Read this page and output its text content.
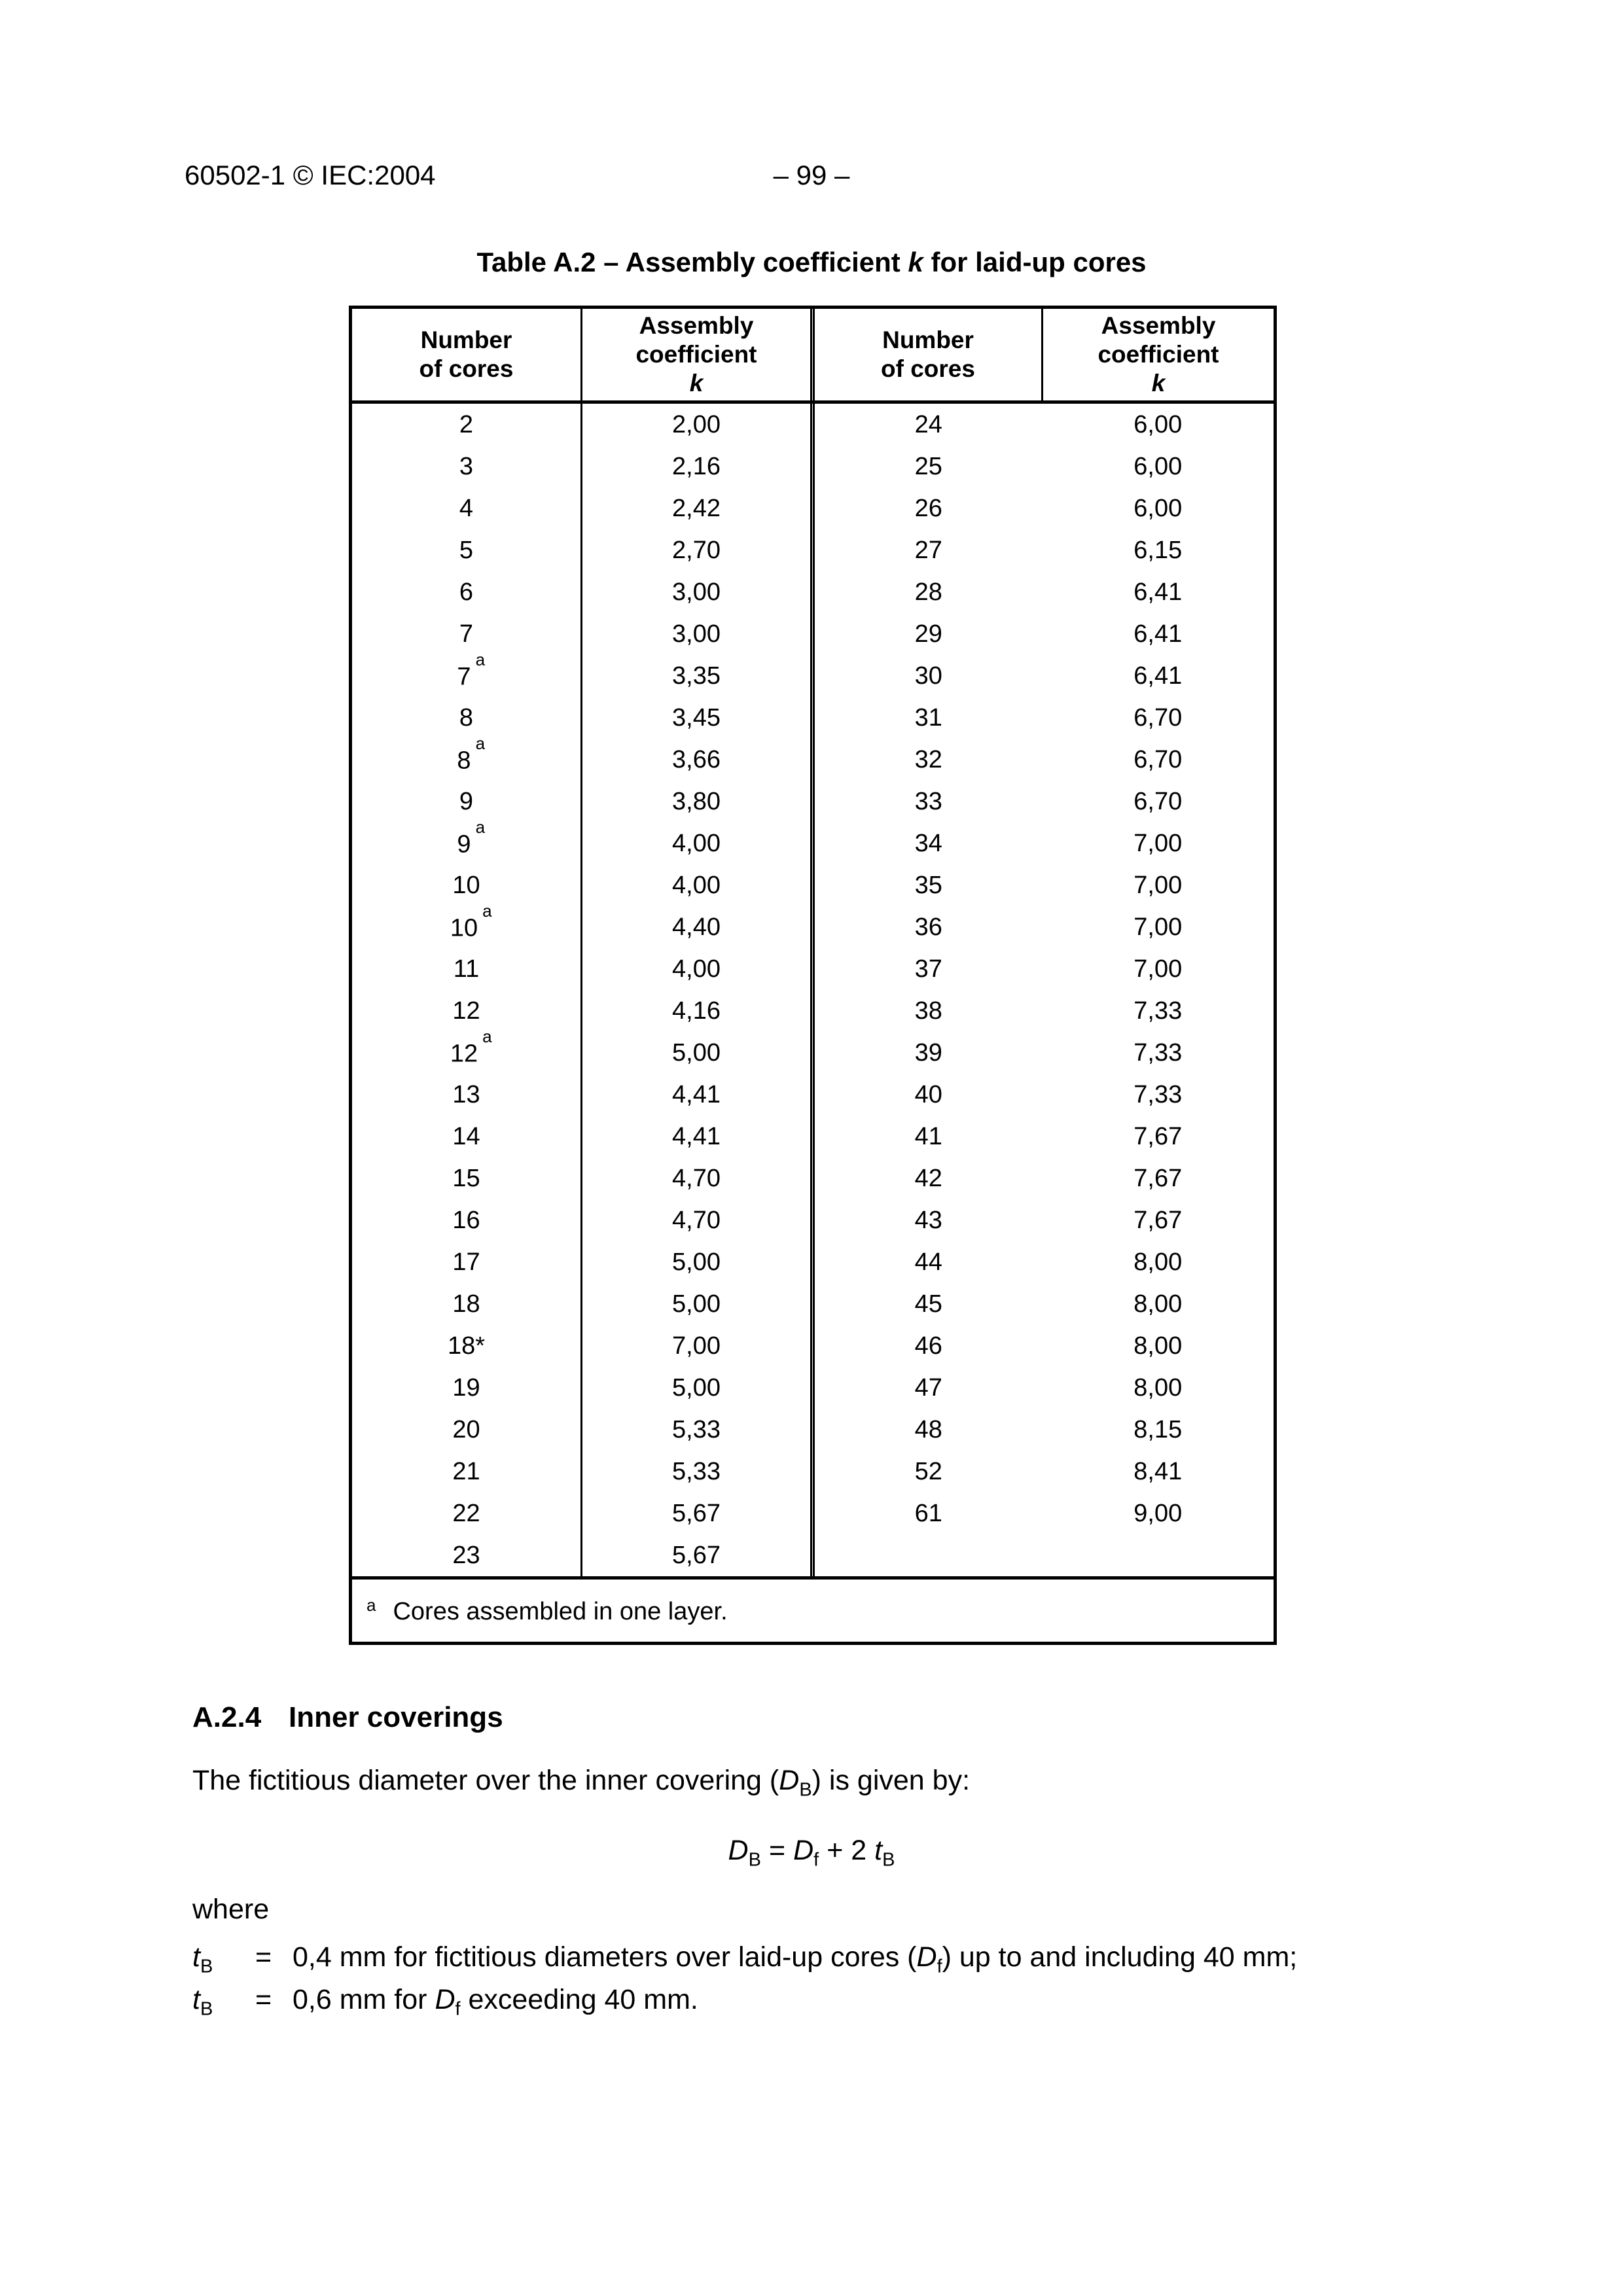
60502-1 © IEC:2004	– 99 –
Table A.2 – Assembly coefficient k for laid-up cores
Number
of cores	Assembly
coefficient
k		Number
of cores	Assembly
coefficient
k
2	2,00		24	6,00
3	2,16		25	6,00
4	2,42		26	6,00
5	2,70		27	6,15
6	3,00		28	6,41
7	3,00		29	6,41
7$^a$	3,35		30	6,41
8	3,45		31	6,70
8$^a$	3,66		32	6,70
9	3,80		33	6,70
9$^a$	4,00		34	7,00
10	4,00		35	7,00
10$^a$	4,40		36	7,00
11	4,00		37	7,00
12	4,16		38	7,33
12$^a$	5,00		39	7,33
13	4,41		40	7,33
14	4,41		41	7,67
15	4,70		42	7,67
16	4,70		43	7,67
17	5,00		44	8,00
18	5,00		45	8,00
18*	7,00		46	8,00
19	5,00		47	8,00
20	5,33		48	8,15
21	5,33		52	8,41
22	5,67		61	9,00
23	5,67			
$^a$ Cores assembled in one layer.				
A.2.4 Inner coverings

The fictitious diameter over the inner covering $(D_B)$ is given by:

$D_B = D_f + 2$ $t_B$

where

$t_B = 0,4$ mm for fictitious diameters over laid-up cores $(D_f)$ up to and including 40 mm;
$t_B = 0,6$ mm for $D_f$ exceeding 40 mm.
